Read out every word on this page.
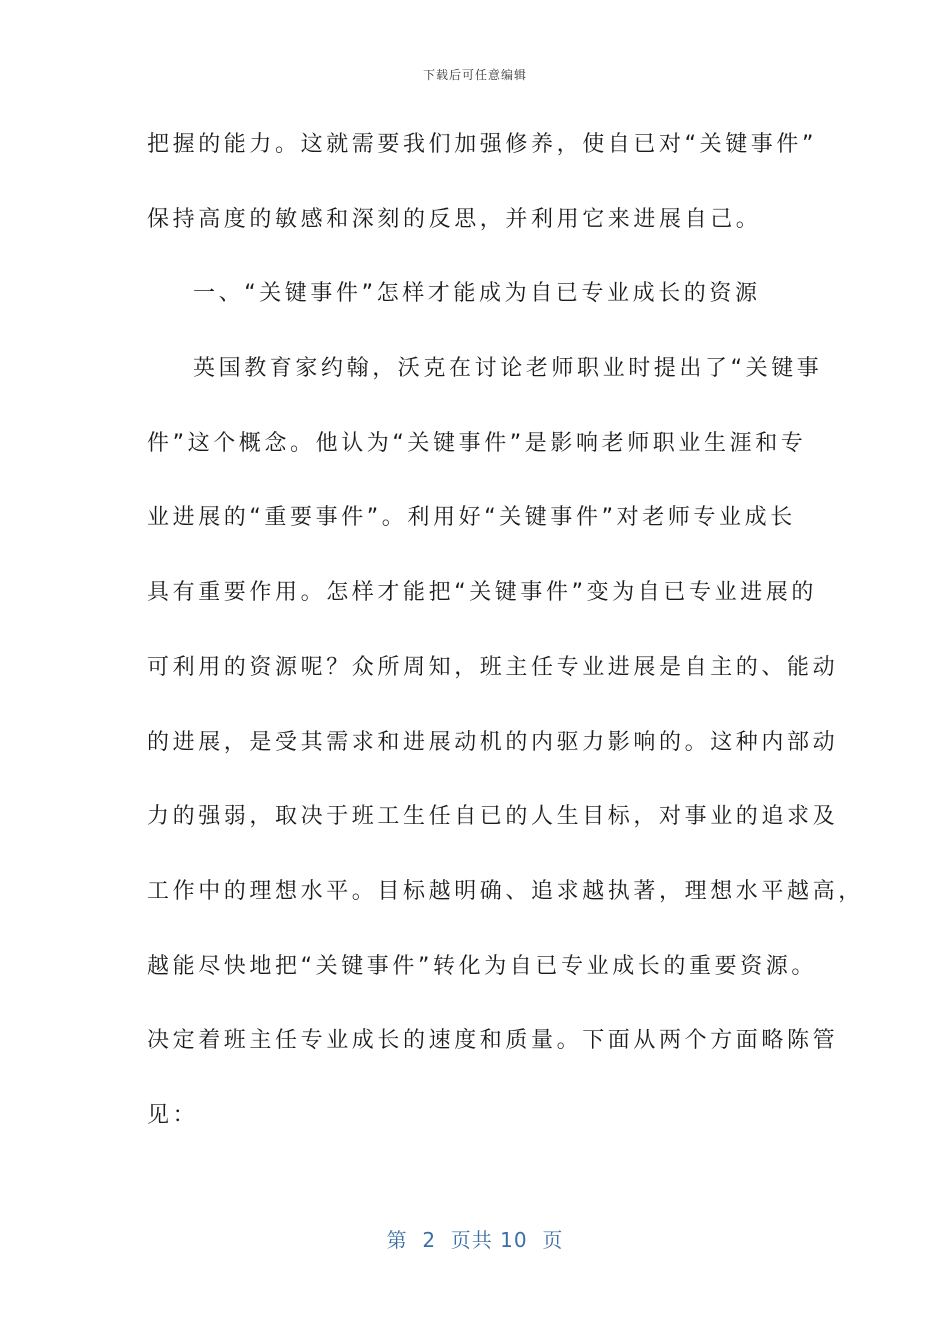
下载后可任意编辑
把握的能力。这就需要我们加强修养，使自已对“关键事件”
保持高度的敏感和深刻的反思，并利用它来进展自己。
一、“关键事件”怎样才能成为自已专业成长的资源
英国教育家约翰，沃克在讨论老师职业时提出了“关键事
件”这个概念。他认为“关键事件”是影响老师职业生涯和专
业进展的“重要事件”。利用好“关键事件”对老师专业成长
具有重要作用。怎样才能把“关键事件”变为自已专业进展的
可利用的资源呢？众所周知，班主任专业进展是自主的、能动
的进展，是受其需求和进展动机的内驱力影响的。这种内部动
力的强弱，取决于班工生任自已的人生目标，对事业的追求及
工作中的理想水平。目标越明确、追求越执著，理想水平越高，
越能尽快地把“关键事件”转化为自已专业成长的重要资源。
决定着班主任专业成长的速度和质量。下面从两个方面略陈管
见：
第  2  页共 10  页
